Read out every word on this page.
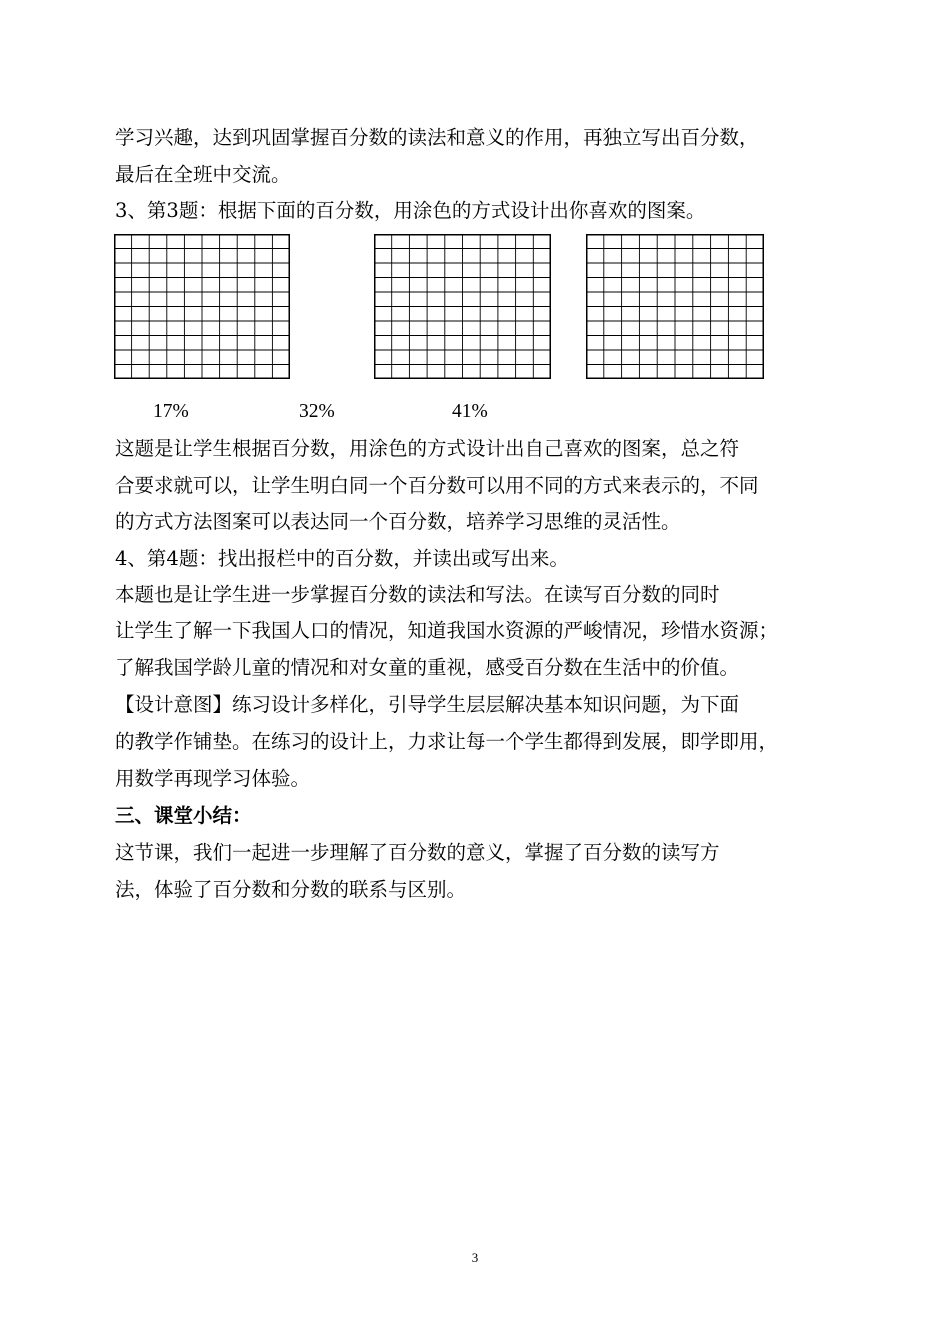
学习兴趣，达到巩固掌握百分数的读法和意义的作用，再独立写出百分数，
最后在全班中交流。
3、第3题：根据下面的百分数，用涂色的方式设计出你喜欢的图案。
17%	32%	41%
这题是让学生根据百分数，用涂色的方式设计出自己喜欢的图案，总之符
合要求就可以，让学生明白同一个百分数可以用不同的方式来表示的，不同
的方式方法图案可以表达同一个百分数，培养学习思维的灵活性。
4、第4题：找出报栏中的百分数，并读出或写出来。
本题也是让学生进一步掌握百分数的读法和写法。在读写百分数的同时
让学生了解一下我国人口的情况，知道我国水资源的严峻情况，珍惜水资源；
了解我国学龄儿童的情况和对女童的重视，感受百分数在生活中的价值。
【设计意图】练习设计多样化，引导学生层层解决基本知识问题，为下面
的教学作铺垫。在练习的设计上，力求让每一个学生都得到发展，即学即用，
用数学再现学习体验。
三、课堂小结：
这节课，我们一起进一步理解了百分数的意义，掌握了百分数的读写方
法，体验了百分数和分数的联系与区别。
3
